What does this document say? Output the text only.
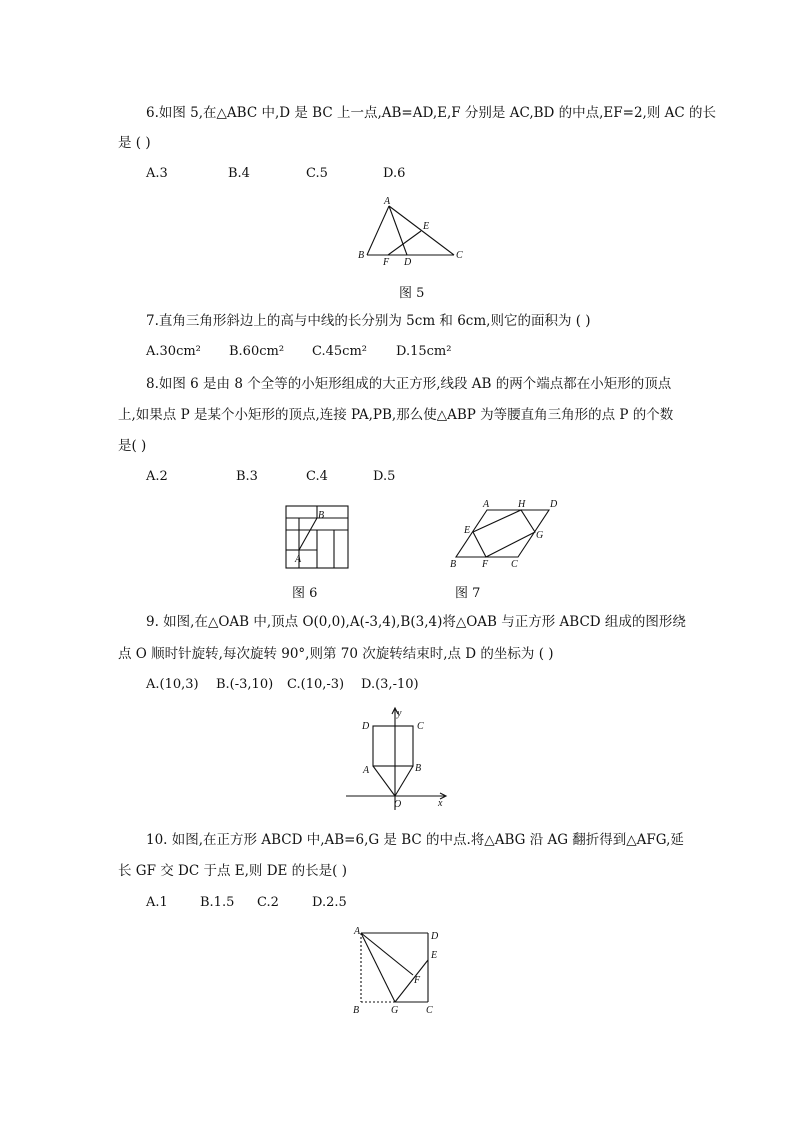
6.如图 5,在△ABC 中,D 是 BC 上一点,AB=AD,E,F 分别是 AC,BD 的中点,EF=2,则 AC 的长
是 ( )
A.3	B.4	C.5	D.6
A
B	C
D
E
F
图 5
7.直角三角形斜边上的高与中线的长分别为 5cm 和 6cm,则它的面积为 ( )
A.30cm² B.60cm² C.45cm² D.15cm²
8.如图 6 是由 8 个全等的小矩形组成的大正方形,线段 AB 的两个端点都在小矩形的顶点
上,如果点 P 是某个小矩形的顶点,连接 PA,PB,那么使△ABP 为等腰直角三角形的点 P 的个数
是( )
A.2	B.3	C.4	D.5
A
B
图 6
A	H D
E	G
B	F C
图 7
9. 如图,在△OAB 中,顶点 O(0,0),A(-3,4),B(3,4)将△OAB 与正方形 ABCD 组成的图形绕
点 O 顺时针旋转,每次旋转 90°,则第 70 次旋转结束时,点 D 的坐标为 ( )
A.(10,3) B.(-3,10) C.(10,-3) D.(3,-10)
D	C
A	B
O	x
y
10. 如图,在正方形 ABCD 中,AB=6,G 是 BC 的中点.将△ABG 沿 AG 翻折得到△AFG,延
长 GF 交 DC 于点 E,则 DE 的长是( )
A.1 B.1.5 C.2	D.2.5
A	D
E
F
B	G	C
